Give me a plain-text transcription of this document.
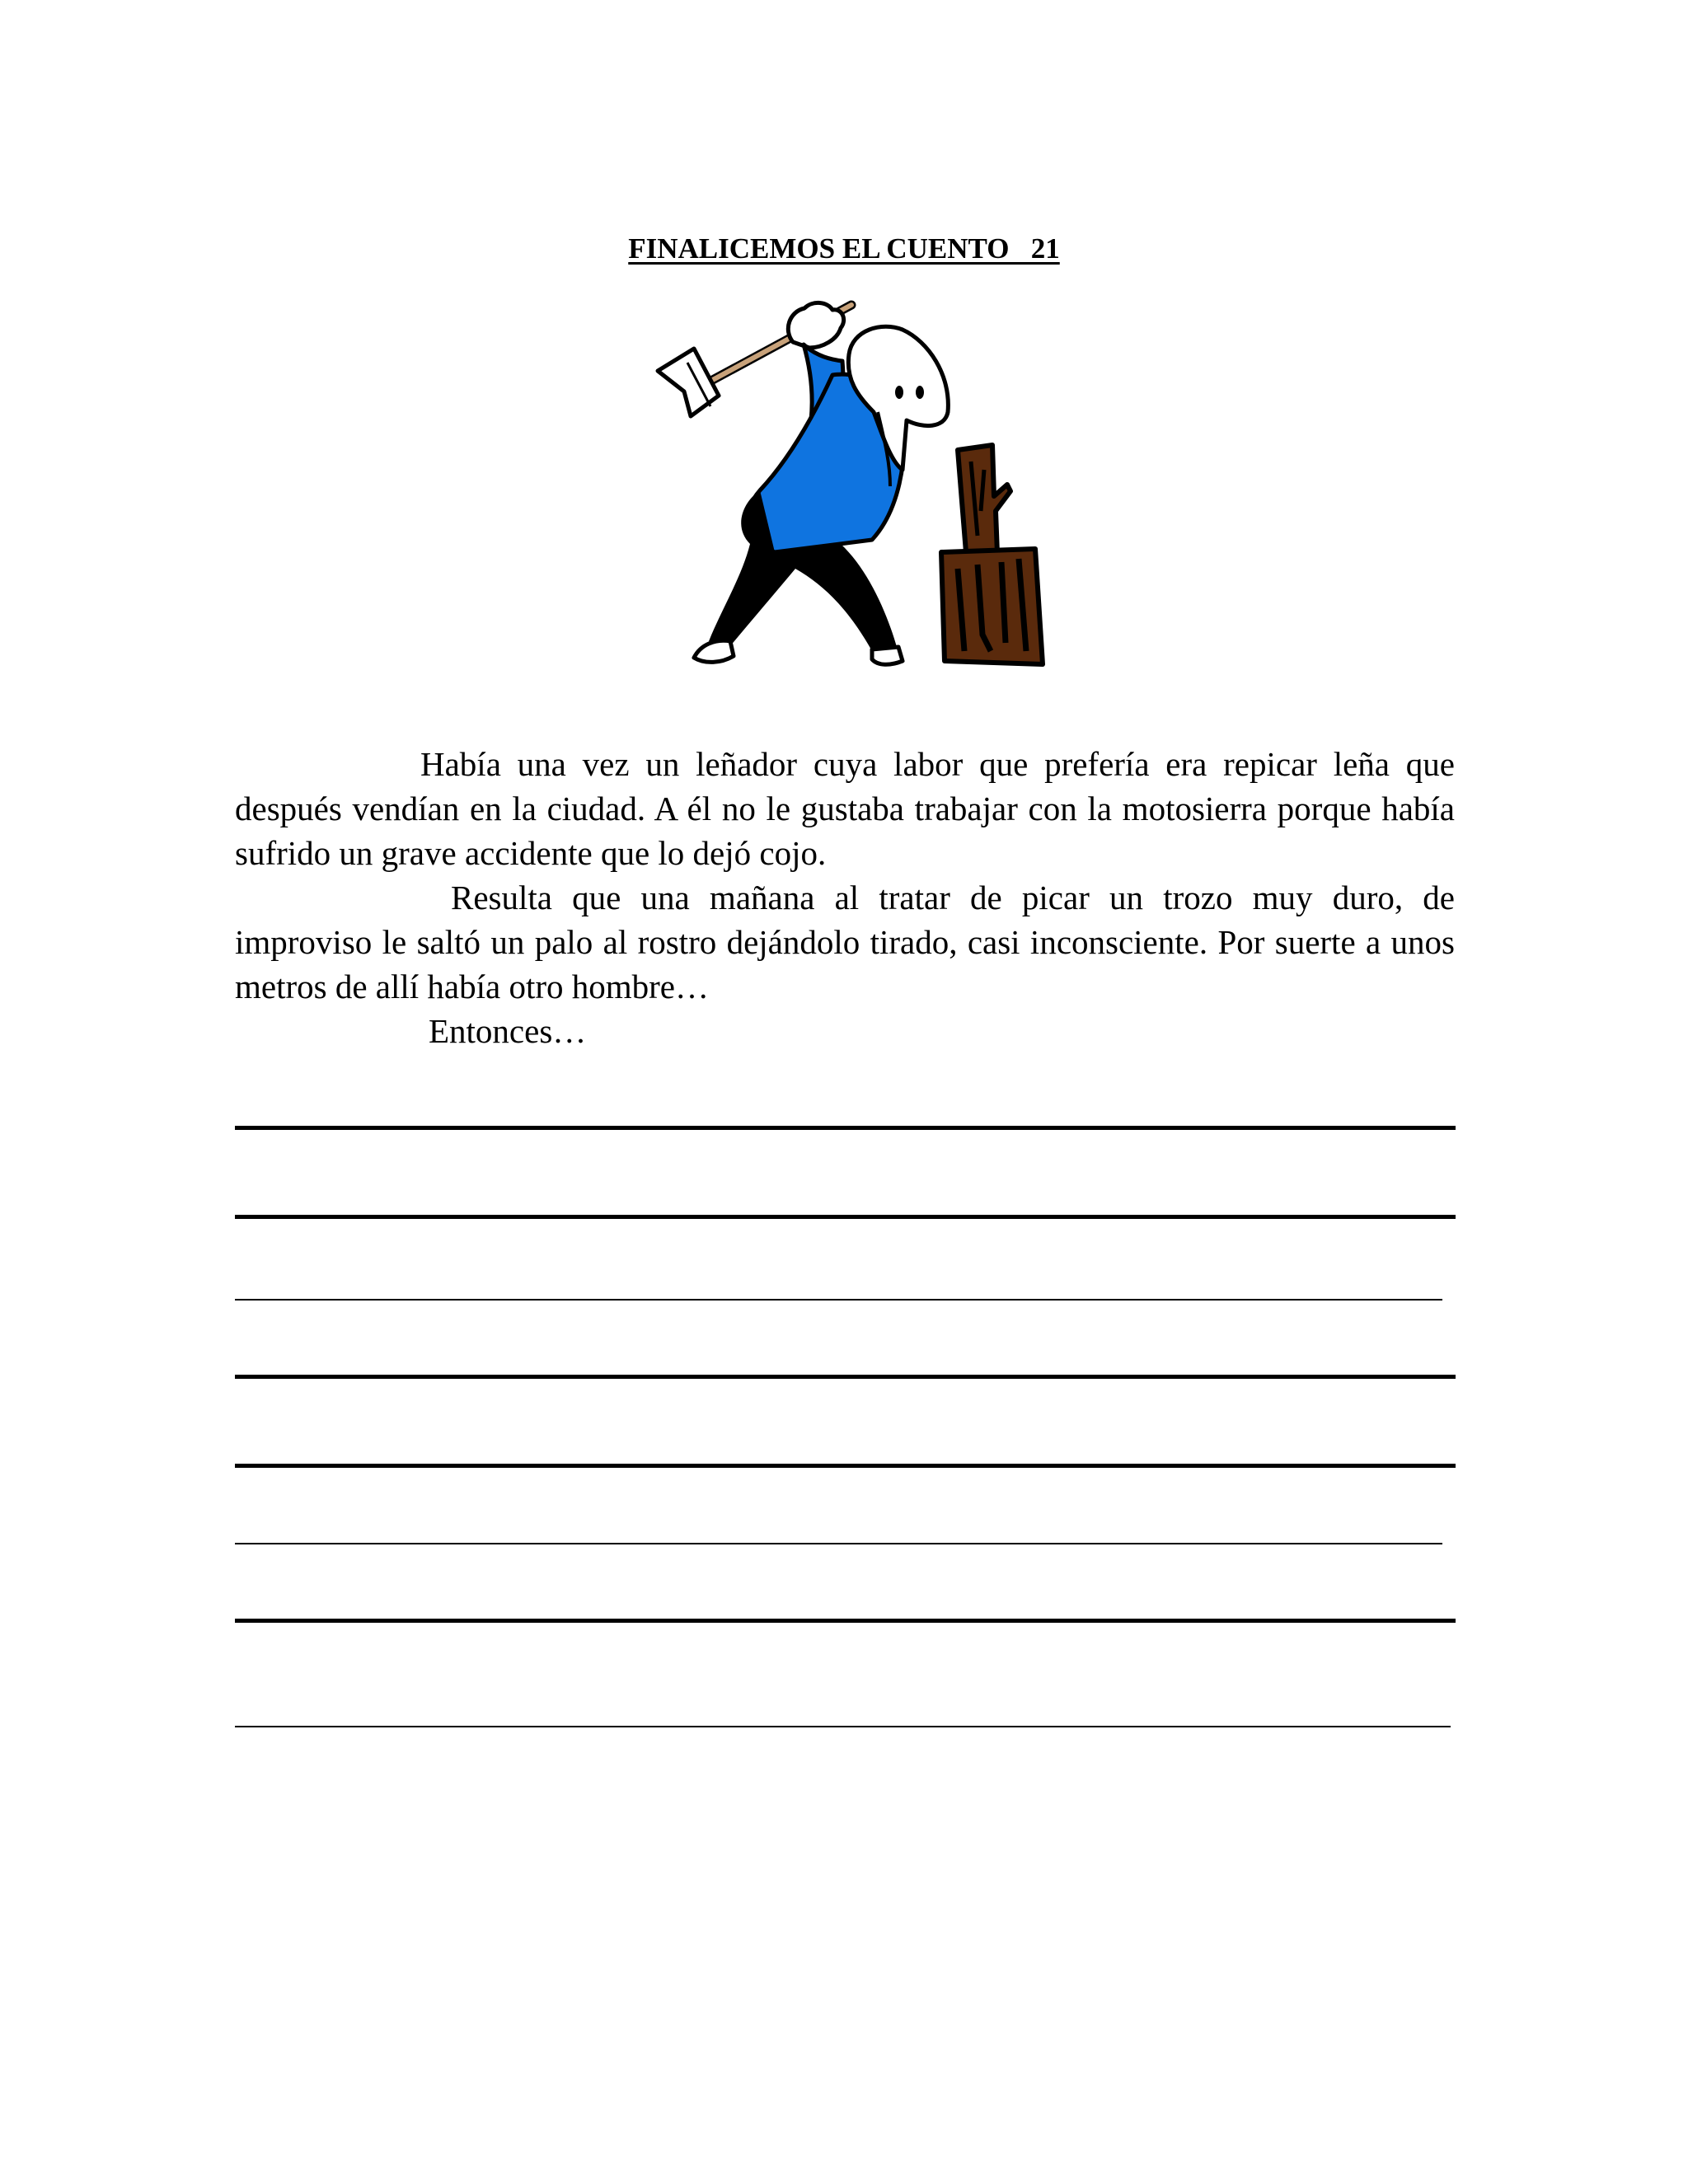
FINALICEMOS EL CUENTO   21

Había una vez un leñador cuya labor que prefería era repicar leña que después vendían en la ciudad. A él no le gustaba trabajar con la motosierra porque había sufrido un grave accidente que lo dejó cojo.

Resulta que una mañana al tratar de picar un trozo muy duro, de improviso le saltó un palo al rostro dejándolo tirado, casi inconsciente. Por suerte a unos metros de allí había otro hombre…

Entonces…
